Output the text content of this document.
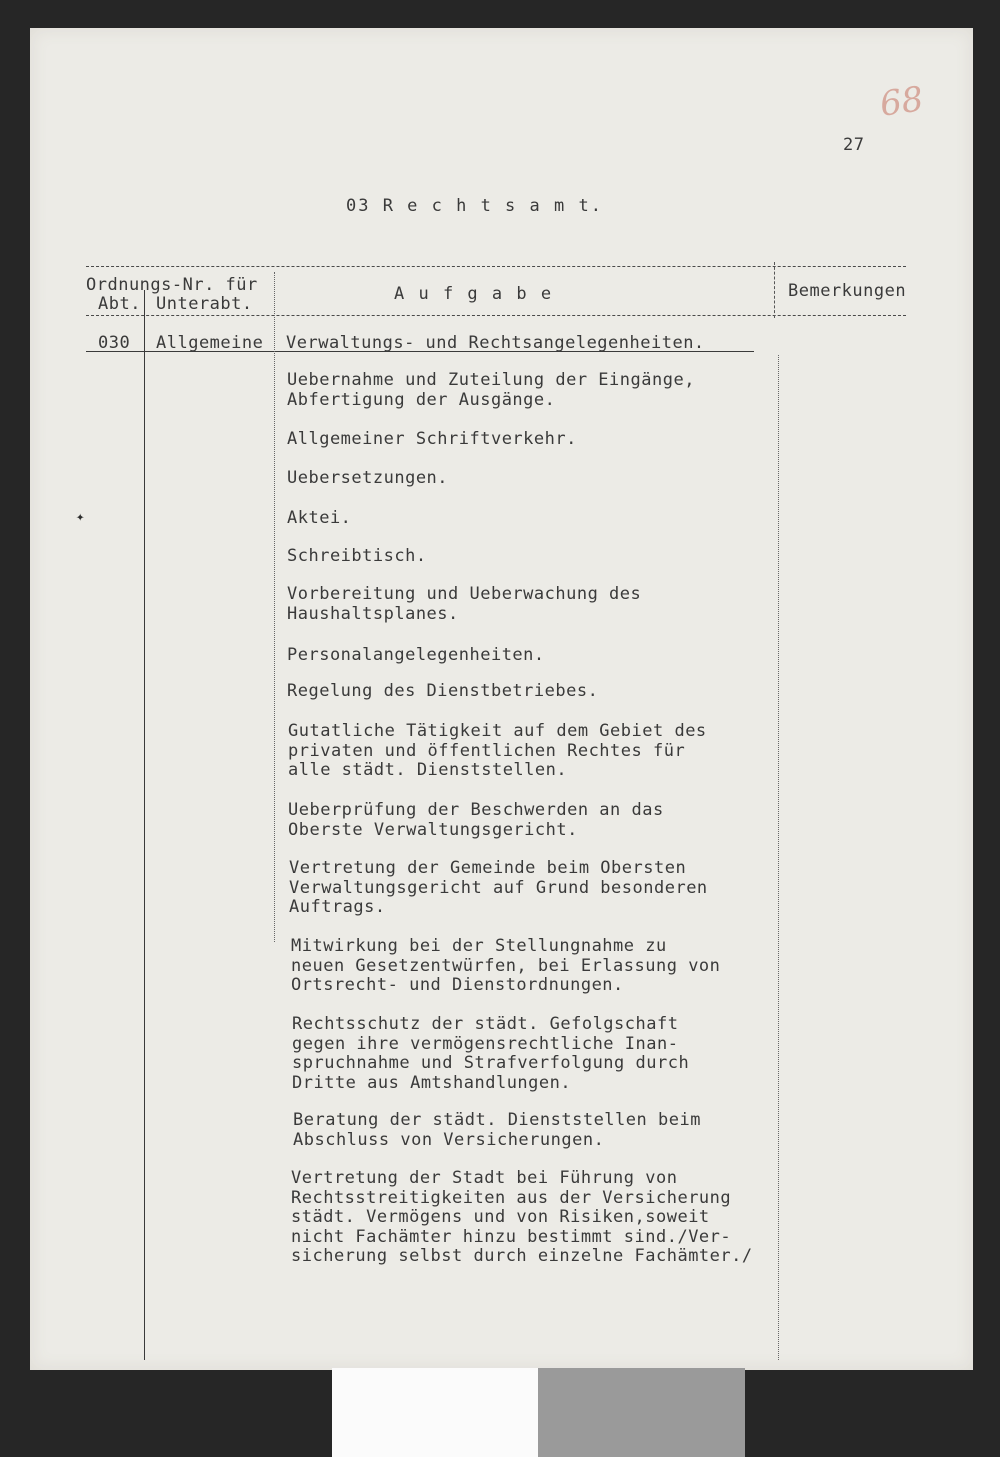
68
27
03 R e c h t s a m t.
Ordnungs-Nr. für
Abt. Unterabt.	A u f g a b e	Bemerkungen
030 Allgemeine Verwaltungs- und Rechtsangelegenheiten.
Uebernahme und Zuteilung der Eingänge,
Abfertigung der Ausgänge.
Allgemeiner Schriftverkehr.
Uebersetzungen.
Aktei.
Schreibtisch.
Vorbereitung und Ueberwachung des
Haushaltsplanes.
Personalangelegenheiten.
Regelung des Dienstbetriebes.
Gutatliche Tätigkeit auf dem Gebiet des
privaten und öffentlichen Rechtes für
alle städt. Dienststellen.
Ueberprüfung der Beschwerden an das
Oberste Verwaltungsgericht.
Vertretung der Gemeinde beim Obersten
Verwaltungsgericht auf Grund besonderen
Auftrags.
Mitwirkung bei der Stellungnahme zu
neuen Gesetzentwürfen, bei Erlassung von
Ortsrecht- und Dienstordnungen.
Rechtsschutz der städt. Gefolgschaft
gegen ihre vermögensrechtliche Inan-
spruchnahme und Strafverfolgung durch
Dritte aus Amtshandlungen.
Beratung der städt. Dienststellen beim
Abschluss von Versicherungen.
Vertretung der Stadt bei Führung von
Rechtsstreitigkeiten aus der Versicherung
städt. Vermögens und von Risiken,soweit
nicht Fachämter hinzu bestimmt sind./Ver-
sicherung selbst durch einzelne Fachämter./
✦
